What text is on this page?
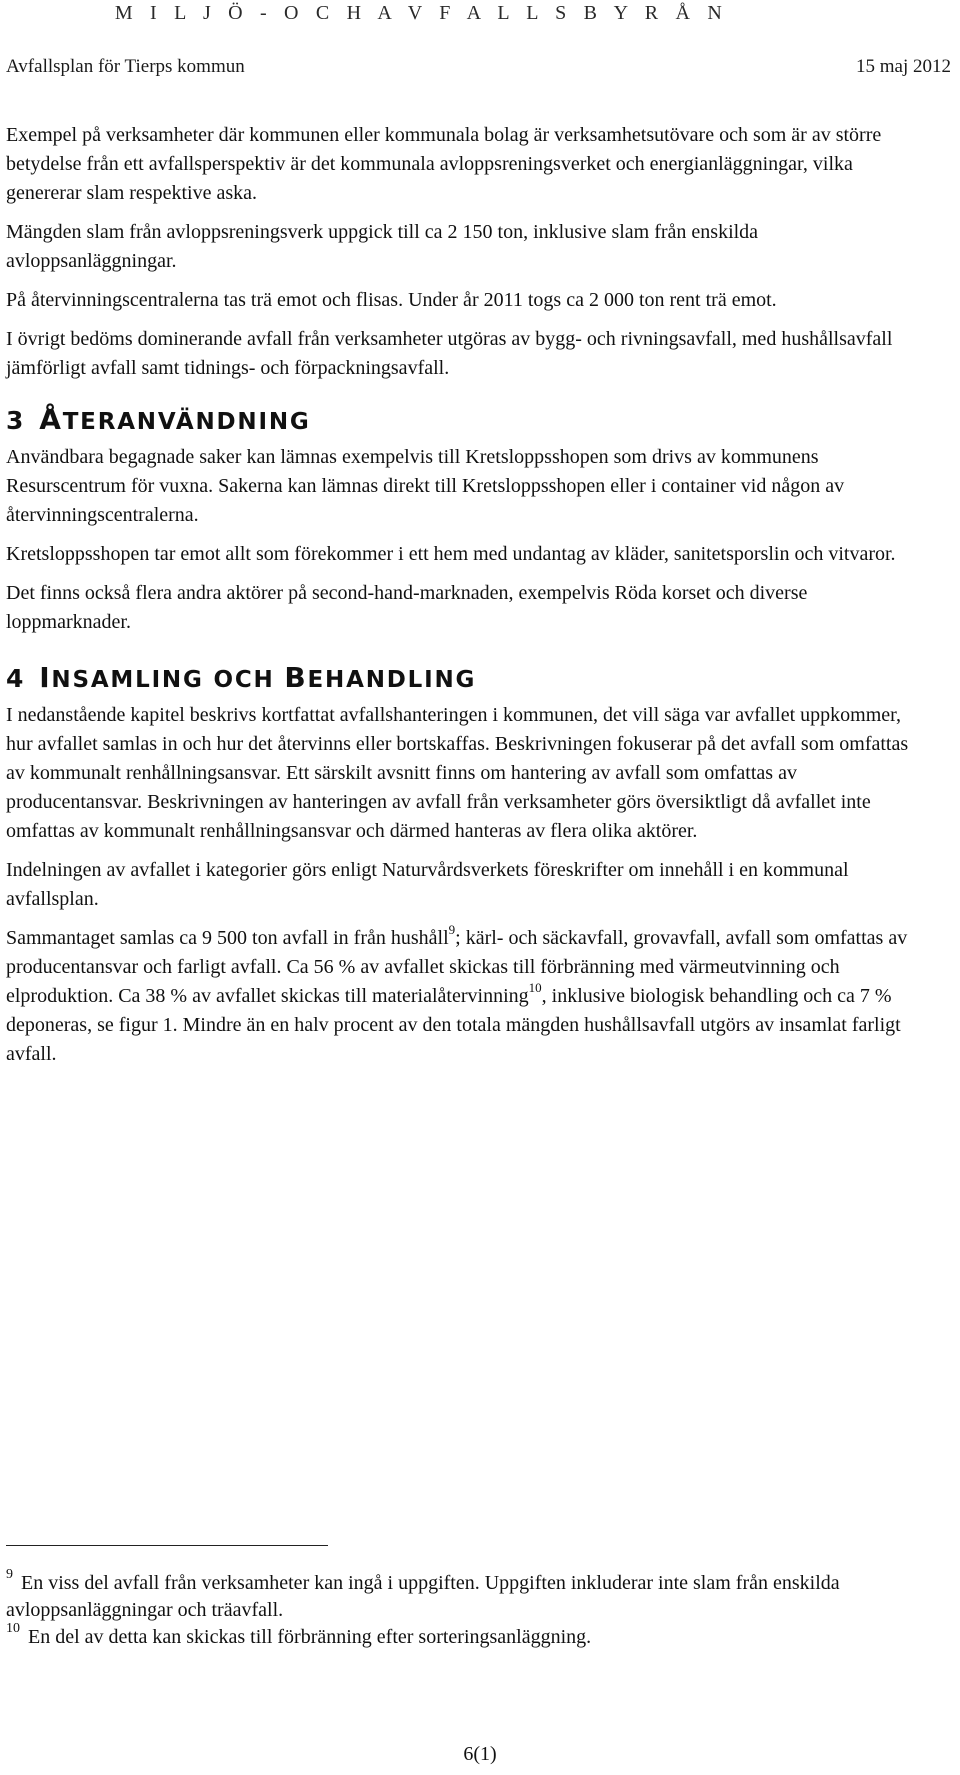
M I L J Ö - O C H A V F A L L S B Y R Å N
Avfallsplan för Tierps kommun	15 maj 2012

Exempel på verksamheter där kommunen eller kommunala bolag är verksamhetsutövare och som är av större betydelse från ett avfallsperspektiv är det kommunala avloppsreningsverket och energianläggningar, vilka genererar slam respektive aska.

Mängden slam från avloppsreningsverk uppgick till ca 2 150 ton, inklusive slam från enskilda avloppsanläggningar.

På återvinningscentralerna tas trä emot och flisas. Under år 2011 togs ca 2 000 ton rent trä emot.

I övrigt bedöms dominerande avfall från verksamheter utgöras av bygg- och rivningsavfall, med hushållsavfall jämförligt avfall samt tidnings- och förpackningsavfall.

3 ÅTERANVÄNDNING

Användbara begagnade saker kan lämnas exempelvis till Kretsloppsshopen som drivs av kommunens Resurscentrum för vuxna. Sakerna kan lämnas direkt till Kretsloppsshopen eller i container vid någon av återvinningscentralerna.

Kretsloppsshopen tar emot allt som förekommer i ett hem med undantag av kläder, sanitetsporslin och vitvaror.

Det finns också flera andra aktörer på second-hand-marknaden, exempelvis Röda korset och diverse loppmarknader.

4 INSAMLING OCH BEHANDLING

I nedanstående kapitel beskrivs kortfattat avfallshanteringen i kommunen, det vill säga var avfallet uppkommer, hur avfallet samlas in och hur det återvinns eller bortskaffas. Beskrivningen fokuserar på det avfall som omfattas av kommunalt renhållningsansvar. Ett särskilt avsnitt finns om hantering av avfall som omfattas av producentansvar. Beskrivningen av hanteringen av avfall från verksamheter görs översiktligt då avfallet inte omfattas av kommunalt renhållningsansvar och därmed hanteras av flera olika aktörer.

Indelningen av avfallet i kategorier görs enligt Naturvårdsverkets föreskrifter om innehåll i en kommunal avfallsplan.

Sammantaget samlas ca 9 500 ton avfall in från hushåll$^9$; kärl- och säckavfall, grovavfall, avfall som omfattas av producentansvar och farligt avfall. Ca 56 % av avfallet skickas till förbränning med värmeutvinning och elproduktion. Ca 38 % av avfallet skickas till materialåtervinning$^{10}$, inklusive biologisk behandling och ca 7 % deponeras, se figur 1. Mindre än en halv procent av den totala mängden hushållsavfall utgörs av insamlat farligt avfall.

$^9$ En viss del avfall från verksamheter kan ingå i uppgiften. Uppgiften inkluderar inte slam från enskilda avloppsanläggningar och träavfall.

$^{10}$ En del av detta kan skickas till förbränning efter sorteringsanläggning.

6(1)
